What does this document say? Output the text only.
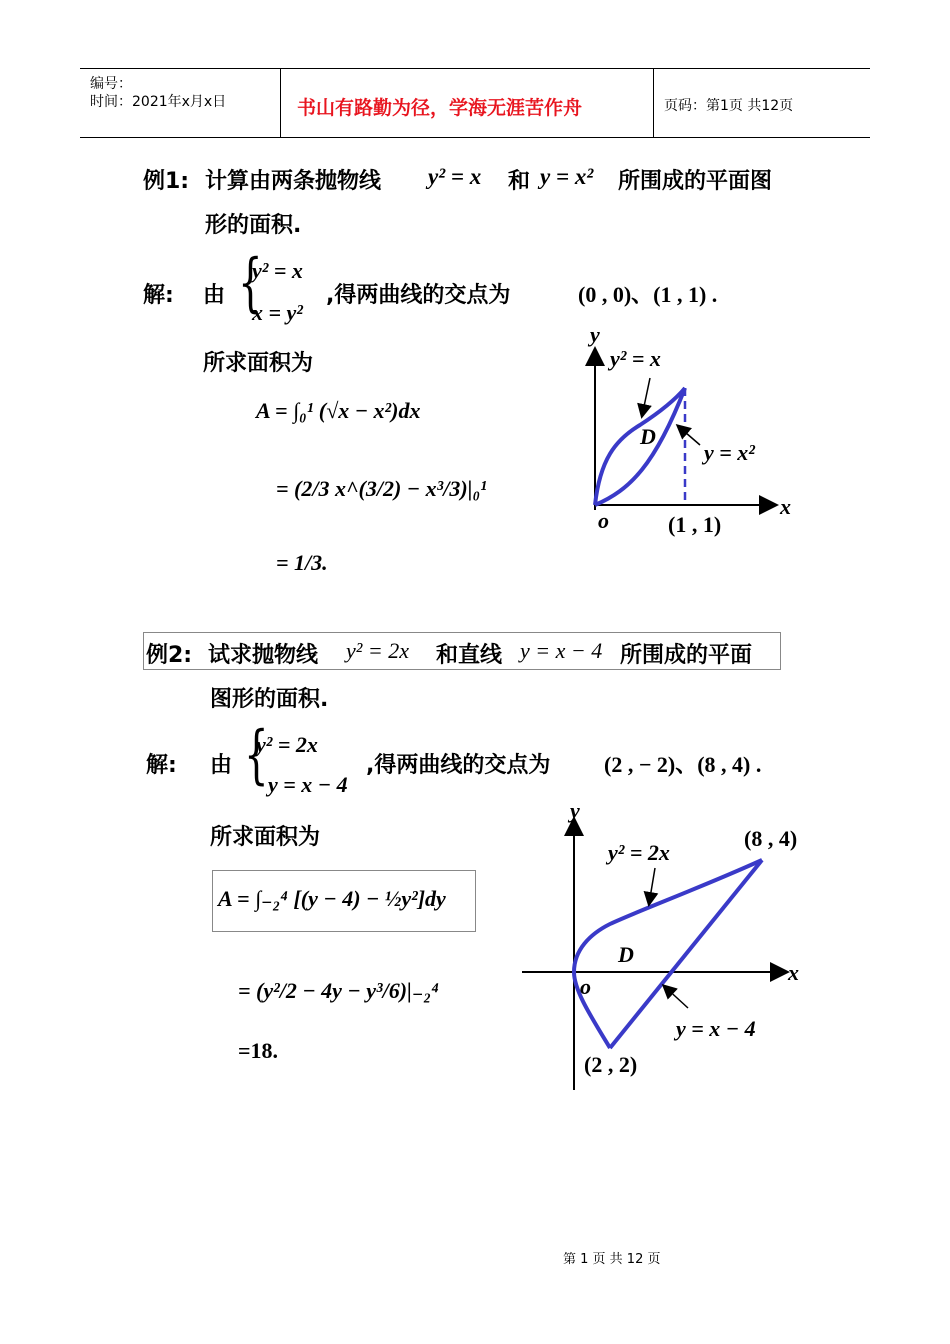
编号：
时间：2021年x月x日	书山有路勤为径，学海无涯苦作舟	页码：第1页 共12页
例1: 计算由两条抛物线 y² = x 和 y = x² 所围成的平面图
形的面积.
解: 由 {
y² = x
x = y²
,得两曲线的交点为	(0 , 0)、(1 , 1) .
所求面积为
A = ∫₀¹ (√x − x²)dx
= (2/3 x^(3/2) − x³/3)|₀¹
= 1/3.
y
x
o
y² = x
y = x²
D
(1 , 1)
例2: 试求抛物线 y² = 2x 和直线 y = x − 4 所围成的平面
图形的面积.
解: 由 {
y² = 2x
y = x − 4
,得两曲线的交点为 (2 , − 2)、(8 , 4) .
所求面积为
A = ∫₋₂⁴ [(y − 4) − ½y²]dy
= (y²/2 − 4y − y³/6)|₋₂⁴
=18.
y
x
o
y² = 2x
y = x − 4
D
(8 , 4)
(2 , 2)
第 1 页 共 12 页
